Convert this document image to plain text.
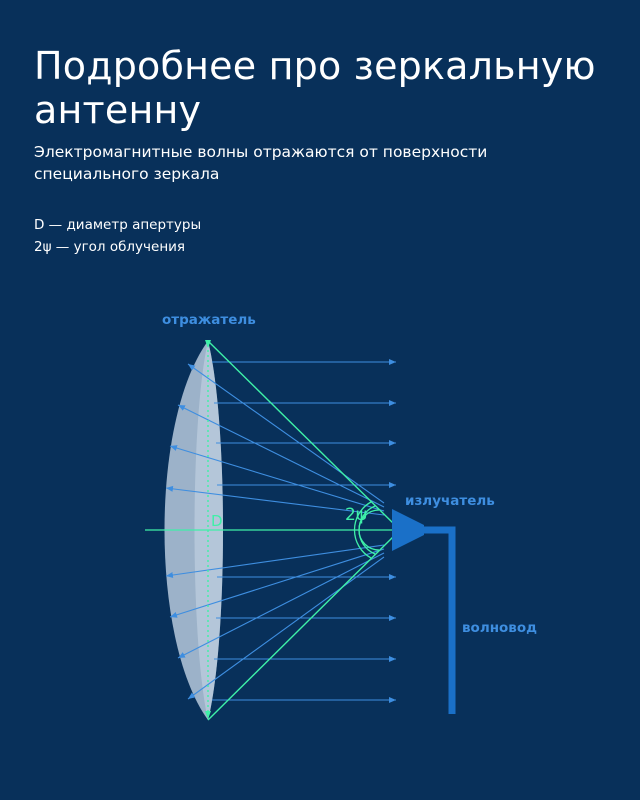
Подробнее про зеркальную антенну

Электромагнитные волны отражаются от поверхности специального зеркала

D — диаметр апертуры
2ψ — угол облучения
отражатель
излучатель
волновод
2ψ
D
